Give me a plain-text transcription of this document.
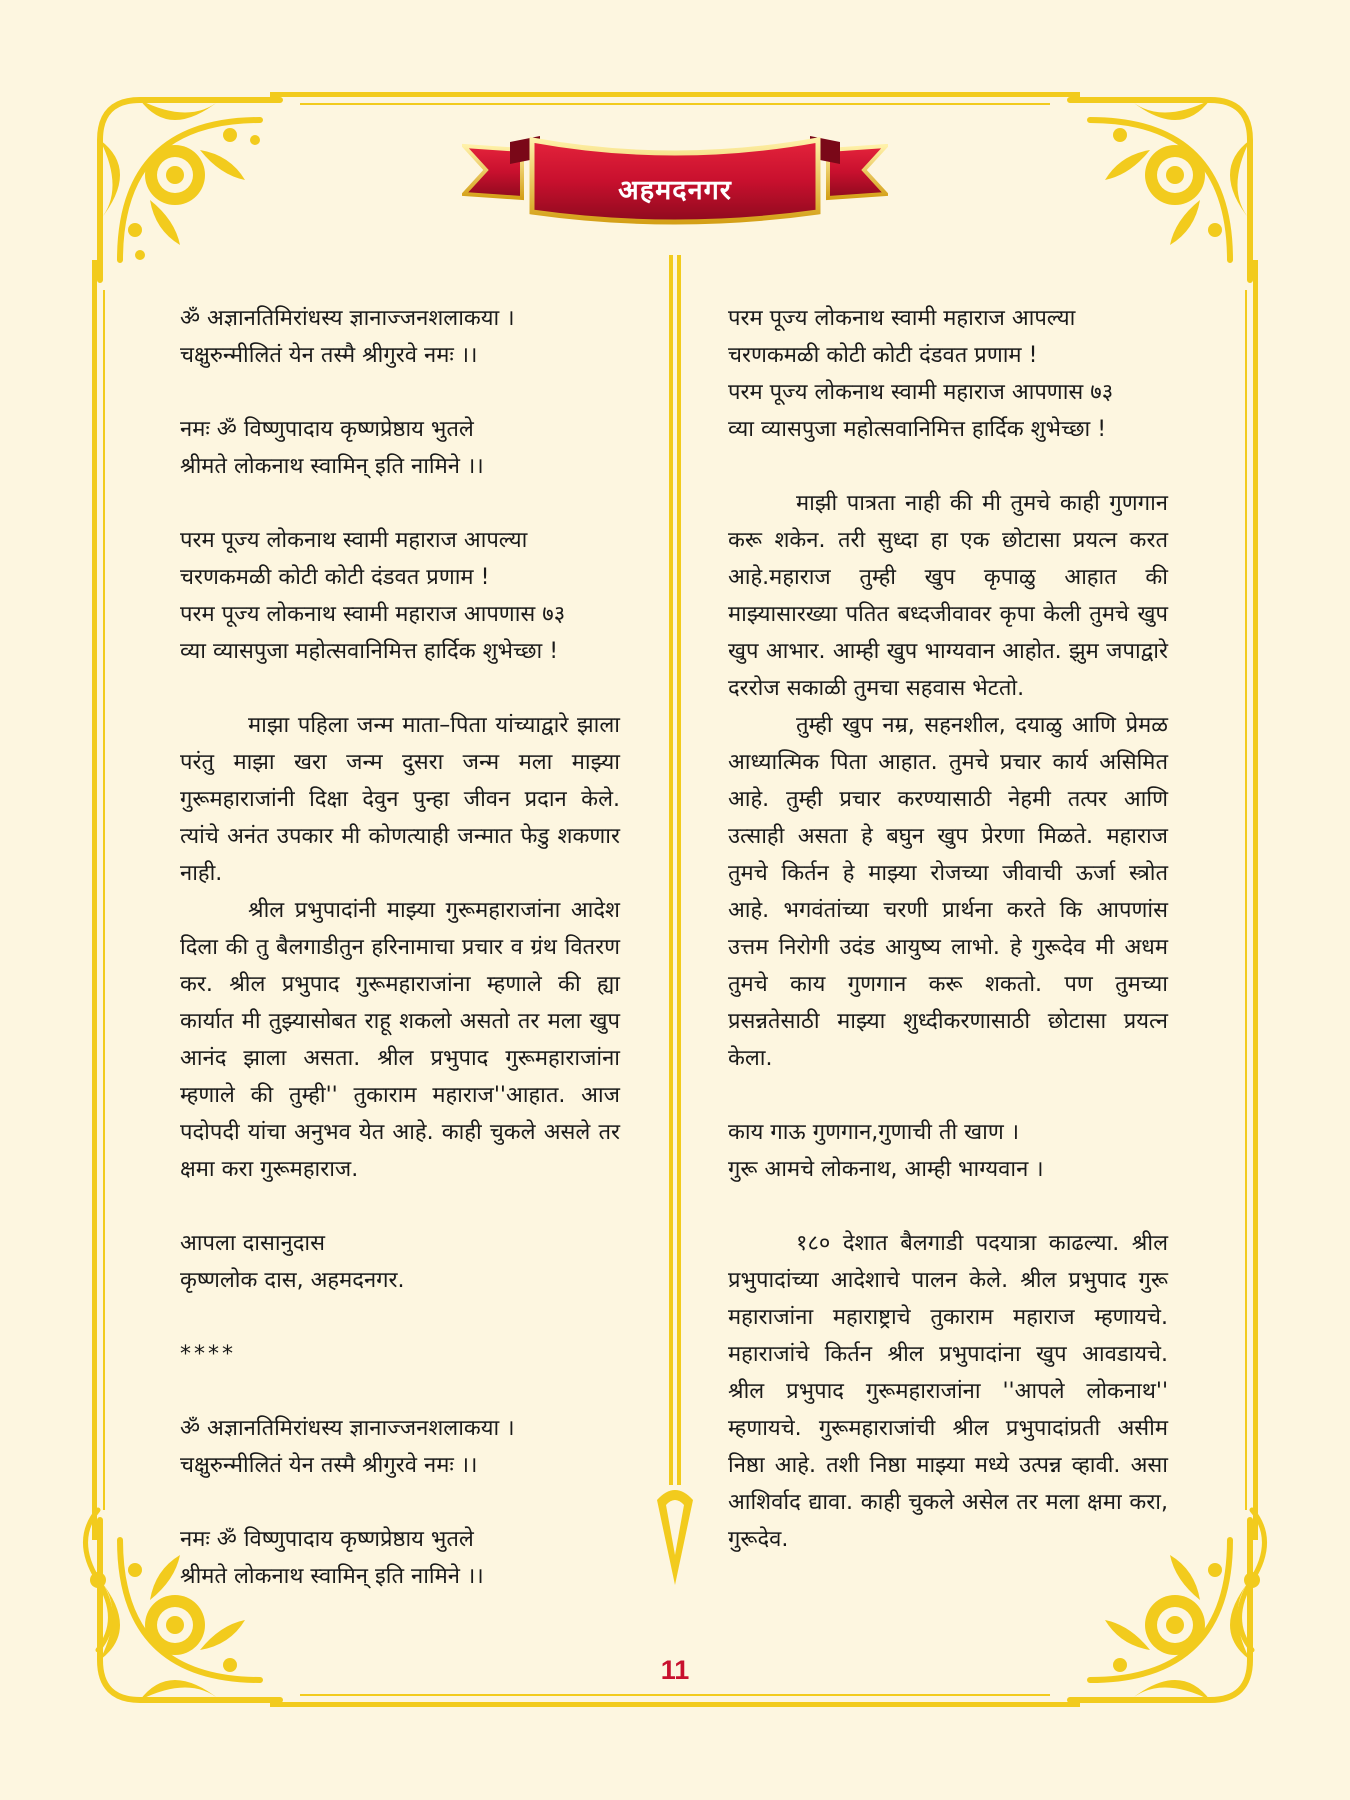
अहमदनगर

ॐ अज्ञानतिमिरांधस्य ज्ञानाज्जनशलाकया ।

चक्षुरुन्मीलितं येन तस्मै श्रीगुरवे नमः ।।

नमः ॐ विष्णुपादाय कृष्णप्रेष्ठाय भुतले

श्रीमते लोकनाथ स्वामिन् इति नामिने ।।

परम पूज्य लोकनाथ स्वामी महाराज आपल्या

चरणकमळी कोटी कोटी दंडवत प्रणाम !

परम पूज्य लोकनाथ स्वामी महाराज आपणास ७३

व्या व्यासपुजा महोत्सवानिमित्त हार्दिक शुभेच्छा !

माझा पहिला जन्म माता–पिता यांच्याद्वारे झाला परंतु माझा खरा जन्म दुसरा जन्म मला माझ्या गुरूमहाराजांनी दिक्षा देवुन पुन्हा जीवन प्रदान केले. त्यांचे अनंत उपकार मी कोणत्याही जन्मात फेडु शकणार नाही.

श्रील प्रभुपादांनी माझ्या गुरूमहाराजांना आदेश दिला की तु बैलगाडीतुन हरिनामाचा प्रचार व ग्रंथ वितरण कर. श्रील प्रभुपाद गुरूमहाराजांना म्हणाले की ह्या कार्यात मी तुझ्यासोबत राहू शकलो असतो तर मला खुप आनंद झाला असता. श्रील प्रभुपाद गुरूमहाराजांना म्हणाले की तुम्ही'' तुकाराम महाराज''आहात. आज पदोपदी यांचा अनुभव येत आहे. काही चुकले असले तर क्षमा करा गुरूमहाराज.

आपला दासानुदास

कृष्णलोक दास, अहमदनगर.

****

ॐ अज्ञानतिमिरांधस्य ज्ञानाज्जनशलाकया ।

चक्षुरुन्मीलितं येन तस्मै श्रीगुरवे नमः ।।

नमः ॐ विष्णुपादाय कृष्णप्रेष्ठाय भुतले

श्रीमते लोकनाथ स्वामिन् इति नामिने ।।

परम पूज्य लोकनाथ स्वामी महाराज आपल्या

चरणकमळी कोटी कोटी दंडवत प्रणाम !

परम पूज्य लोकनाथ स्वामी महाराज आपणास ७३

व्या व्यासपुजा महोत्सवानिमित्त हार्दिक शुभेच्छा !

माझी पात्रता नाही की मी तुमचे काही गुणगान करू शकेन. तरी सुध्दा हा एक छोटासा प्रयत्न करत आहे.महाराज तुम्ही खुप कृपाळु आहात की माझ्यासारख्या पतित बध्दजीवावर कृपा केली तुमचे खुप खुप आभार. आम्ही खुप भाग्यवान आहोत. झुम जपाद्वारे दररोज सकाळी तुमचा सहवास भेटतो.

तुम्ही खुप नम्र, सहनशील, दयाळु आणि प्रेमळ आध्यात्मिक पिता आहात. तुमचे प्रचार कार्य असिमित आहे. तुम्ही प्रचार करण्यासाठी नेहमी तत्पर आणि उत्साही असता हे बघुन खुप प्रेरणा मिळते. महाराज तुमचे किर्तन हे माझ्या रोजच्या जीवाची ऊर्जा स्त्रोत आहे. भगवंतांच्या चरणी प्रार्थना करते कि आपणांस उत्तम निरोगी उदंड आयुष्य लाभो. हे गुरूदेव मी अधम तुमचे काय गुणगान करू शकतो. पण तुमच्या प्रसन्नतेसाठी माझ्या शुध्दीकरणासाठी छोटासा प्रयत्न केला.

काय गाऊ गुणगान,गुणाची ती खाण ।

गुरू आमचे लोकनाथ, आम्ही भाग्यवान ।

१८० देशात बैलगाडी पदयात्रा काढल्या. श्रील प्रभुपादांच्या आदेशाचे पालन केले. श्रील प्रभुपाद गुरू महाराजांना महाराष्ट्राचे तुकाराम महाराज म्हणायचे. महाराजांचे किर्तन श्रील प्रभुपादांना खुप आवडायचे. श्रील प्रभुपाद गुरूमहाराजांना ''आपले लोकनाथ'' म्हणायचे. गुरूमहाराजांची श्रील प्रभुपादांप्रती असीम निष्ठा आहे. तशी निष्ठा माझ्या मध्ये उत्पन्न व्हावी. असा आशिर्वाद द्यावा. काही चुकले असेल तर मला क्षमा करा, गुरूदेव.

11
